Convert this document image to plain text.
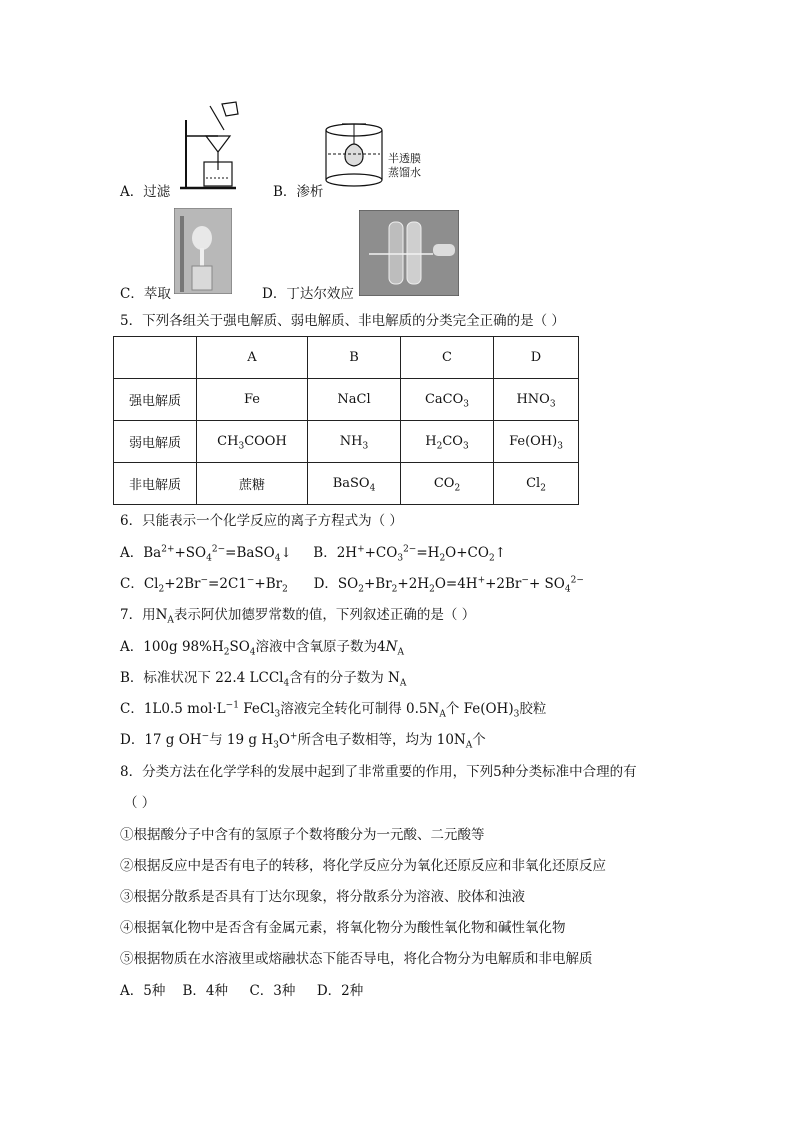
A．过滤
半透膜
蒸馏水
B．渗析
C．萃取	D．丁达尔效应
5．下列各组关于强电解质、弱电解质、非电解质的分类完全正确的是（ ）
	A	B	C	D
强电解质	Fe	NaCl	CaCO$_3$	$HNO_3$
弱电解质	$CH_3COOH$	$NH_3$	$H_2CO_3$	$Fe(OH)_3$
非电解质	蔗糖	BaSO$_4$	$CO_2$	$Cl_2$
6．只能表示一个化学反应的离子方程式为（ ）
A．$Ba^{2+}+SO_4^{2-}=BaSO_4↓$     B．$2H^++CO_3^{2-}=H_2O+CO_2↑$
C．$Cl_2+2Br^-=2C1^-+Br_2$      D．$SO_2+Br_2+2H_2O=4H^++2Br^-+ SO_4^{2-}$
7．用$N_A$表示阿伏加德罗常数的值，下列叙述正确的是（ ）
A．100g $98\%H_2SO_4$溶液中含氧原子数为$4N_A$
B．标准状况下 22.4 LCCl$_4$含有的分子数为 $N_A$
C．1L0.5 $mol\cdot L^{-1}$ FeCl$_3$溶液完全转化可制得 $0.5N_A$个 $Fe(OH)_3$胶粒
D．17 g OH−与 19 g $H_3O^+$所含电子数相等，均为 $10N_A$个
8．分类方法在化学学科的发展中起到了非常重要的作用，下列5种分类标准中合理的有
（ ）
①根据酸分子中含有的氢原子个数将酸分为一元酸、二元酸等
②根据反应中是否有电子的转移，将化学反应分为氧化还原反应和非氧化还原反应
③根据分散系是否具有丁达尔现象，将分散系分为溶液、胶体和浊液
④根据氧化物中是否含有金属元素，将氧化物分为酸性氧化物和碱性氧化物
⑤根据物质在水溶液里或熔融状态下能否导电，将化合物分为电解质和非电解质
A．5种    B．4种     C．3种     D．2种
